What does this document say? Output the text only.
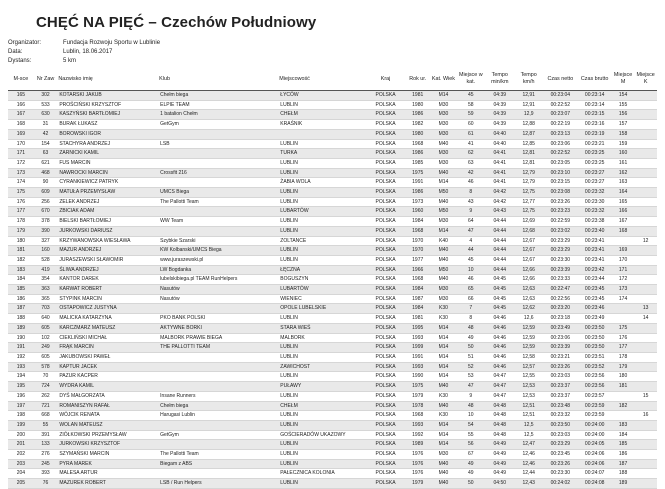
CHĘĆ NA PIĘĆ – Czechów Południowy
Organizator:	Fundacja Rozwoju Sportu w Lublinie
Data:	Lublin, 18.06.2017
Dystans:	5 km
M-sce	Nr Zaw	Nazwisko imię	Klub	Miejscowość	Kraj	Rok ur.	Kat. Wiek	Miejsce w kat.	Tempo min/km	Tempo km/h	Czas netto	Czas brutto	Miejsce M	Miejsce K
165	302	KOTARSKI JAKUB	Chełm biega	ŁYCÓW	POLSKA	1981	M14	45	04:39	12,91	00:23:04	00:23:14	154	
166	533	PROŚCIŃSKI KRZYSZTOF	ELPIE TEAM	LUBLIN	POLSKA	1980	M30	58	04:39	12,91	00:22:52	00:23:14	155	
167	630	KASZYŃSKI BARTŁOMIEJ	1 batalion Chełm	CHEŁM	POLSKA	1986	M30	59	04:39	12,9	00:23:07	00:23:15	156	
168	31	BURAK ŁUKASZ	GetGym	KRAŚNIK	POLSKA	1982	M30	60	04:39	12,88	00:22:19	00:23:16	157	
169	42	BOROWSKI IGOR			POLSKA	1980	M30	61	04:40	12,87	00:23:13	00:23:19	158	
170	154	STACHYRA ANDRZEJ	LSB	LUBLIN	POLSKA	1968	M40	41	04:40	12,85	00:23:06	00:23:21	159	
171	63	ZARNICKI KAMIL		TURKA	POLSKA	1986	M30	62	04:41	12,81	00:22:52	00:23:25	160	
172	621	FUS MARCIN		LUBLIN	POLSKA	1985	M30	63	04:41	12,81	00:23:05	00:23:25	161	
173	468	NAWROCKI MARCIN	Crossfit 216	LUBLIN	POLSKA	1975	M40	42	04:41	12,79	00:23:10	00:23:27	162	
174	90	CYRANKIEWICZ PATRYK		ŻABIA WOLA	POLSKA	1991	M14	46	04:41	12,79	00:23:15	00:23:27	163	
175	609	MATUŁA PRZEMYSŁAW	UMCS Biega	LUBLIN	POLSKA	1986	M50	8	04:42	12,75	00:23:08	00:23:32	164	
176	256	ZELEK ANDRZEJ	The Pallotti Team	LUBLIN	POLSKA	1973	M40	43	04:42	12,77	00:23:26	00:23:30	165	
177	670	ZBICIAK ADAM		LUBARTÓW	POLSKA	1960	M50	9	04:43	12,75	00:23:23	00:23:32	166	
178	378	BIELSKI BARTŁOMIEJ	WW Team	LUBLIN	POLSKA	1984	M30	64	04:44	12,69	00:22:59	00:23:38	167	
179	390	JURKOWSKI DARIUSZ		LUBLIN	POLSKA	1968	M14	47	04:44	12,68	00:23:02	00:23:40	168	
180	327	KRZYWANOWSKA WIESŁAWA	Szybkie Szarski	ZOLTANCE	POLSKA	1970	K40	4	04:44	12,67	00:23:29	00:23:41		12
181	160	MAZUR ANDRZEJ	KW Kolbanski/UMCS Biega	LUBLIN	POLSKA	1970	M40	44	04:44	12,67	00:23:29	00:23:41	169	
182	528	JURASZEWSKI SŁAWOMIR	www.juraszewski.pl	LUBLIN	POLSKA	1977	M40	45	04:44	12,67	00:23:30	00:23:41	170	
183	419	ŚLIWA ANDRZEJ	LW Bogdanka	ŁĘCZNA	POLSKA	1966	M50	10	04:44	12,66	00:23:39	00:23:42	171	
184	354	KANTOR DAREK	lubelskibiega.pl TEAM RunHelpers	BOGUSZYN	POLSKA	1968	M40	46	04:45	12,66	00:23:33	00:23:44	172	
185	363	KARWAT ROBERT	Nasutów	LUBARTÓW	POLSKA	1984	M30	65	04:45	12,63	00:22:47	00:23:45	173	
186	365	STYPINK MARCIN	Nasutów	WIENIEC	POLSKA	1987	M30	66	04:45	12,63	00:22:56	00:23:45	174	
187	703	OSTAPOWICZ JUSTYNA		OPOLE LUBELSKIE	POLSKA	1984	K30	7	04:45	12,62	00:23:20	00:23:46		13
188	640	MALICKA KATARZYNA	PKO BANK POLSKI	LUBLIN	POLSKA	1981	K30	8	04:46	12,6	00:23:18	00:23:49		14
189	605	KARCZMARZ MATEUSZ	AKTYWNE BORKI	STARA WIEŚ	POLSKA	1995	M14	48	04:46	12,59	00:23:49	00:23:50	175	
190	102	CIEKLIŃSKI MICHAŁ	MALBORK PRAWIE BIEGA	MALBORK	POLSKA	1993	M14	49	04:46	12,59	00:23:06	00:23:50	176	
191	249	FRĄK MARCIN	THE PALLOTTI TEAM	LUBLIN	POLSKA	1999	M14	50	04:46	12,59	00:23:39	00:23:50	177	
192	605	JAKUBOWSKI PAWEŁ		LUBLIN	POLSKA	1991	M14	51	04:46	12,58	00:23:21	00:23:51	178	
193	578	KAPTUR JACEK		ZAWICHOST	POLSKA	1993	M14	52	04:46	12,57	00:23:26	00:23:52	179	
194	70	PAZUR KACPER		LUBLIN	POLSKA	1990	M14	53	04:47	12,55	00:23:03	00:23:56	180	
195	724	WYDRA KAMIL		PUŁAWY	POLSKA	1975	M40	47	04:47	12,53	00:23:37	00:23:56	181	
196	262	DYŚ MAŁGORZATA	Insane Runners	LUBLIN	POLSKA	1979	K30	9	04:47	12,53	00:23:37	00:23:57		15
197	721	ROMANISZYN RAFAŁ	Chełm biega	CHEŁM	POLSKA	1978	M40	48	04:48	12,51	00:23:48	00:23:59	182	
198	668	WÓJCIK RENATA	Harugasi Lublin	LUBLIN	POLSKA	1968	K30	10	04:48	12,51	00:23:32	00:23:59		16
199	55	WOLAN MATEUSZ		LUBLIN	POLSKA	1993	M14	54	04:48	12,5	00:23:50	00:24:00	183	
200	391	ZIÓŁKOWSKI PRZEMYSŁAW	GetGym	GOŚCIERADÓW UKAZOWY	POLSKA	1992	M14	55	04:48	12,5	00:23:03	00:24:00	184	
201	133	JURKOWSKI KRZYSZTOF		LUBLIN	POLSKA	1989	M14	56	04:49	12,47	00:23:29	00:24:05	185	
202	276	SZYMAŃSKI MARCIN	The Pallotti Team	LUBLIN	POLSKA	1976	M30	67	04:49	12,46	00:23:45	00:24:06	186	
203	245	PYRA MAREK	Biegam z ABS	LUBLIN	POLSKA	1976	M40	49	04:49	12,46	00:23:26	00:24:06	187	
204	393	MALESA ARTUR		PAŁECZNICA KOLONIA	POLSKA	1976	M40	49	04:49	12,44	00:23:30	00:24:07	188	
205	76	MAZUREK ROBERT	LSB / Run Helpers	LUBLIN	POLSKA	1979	M40	50	04:50	12,43	00:24:02	00:24:08	189	
